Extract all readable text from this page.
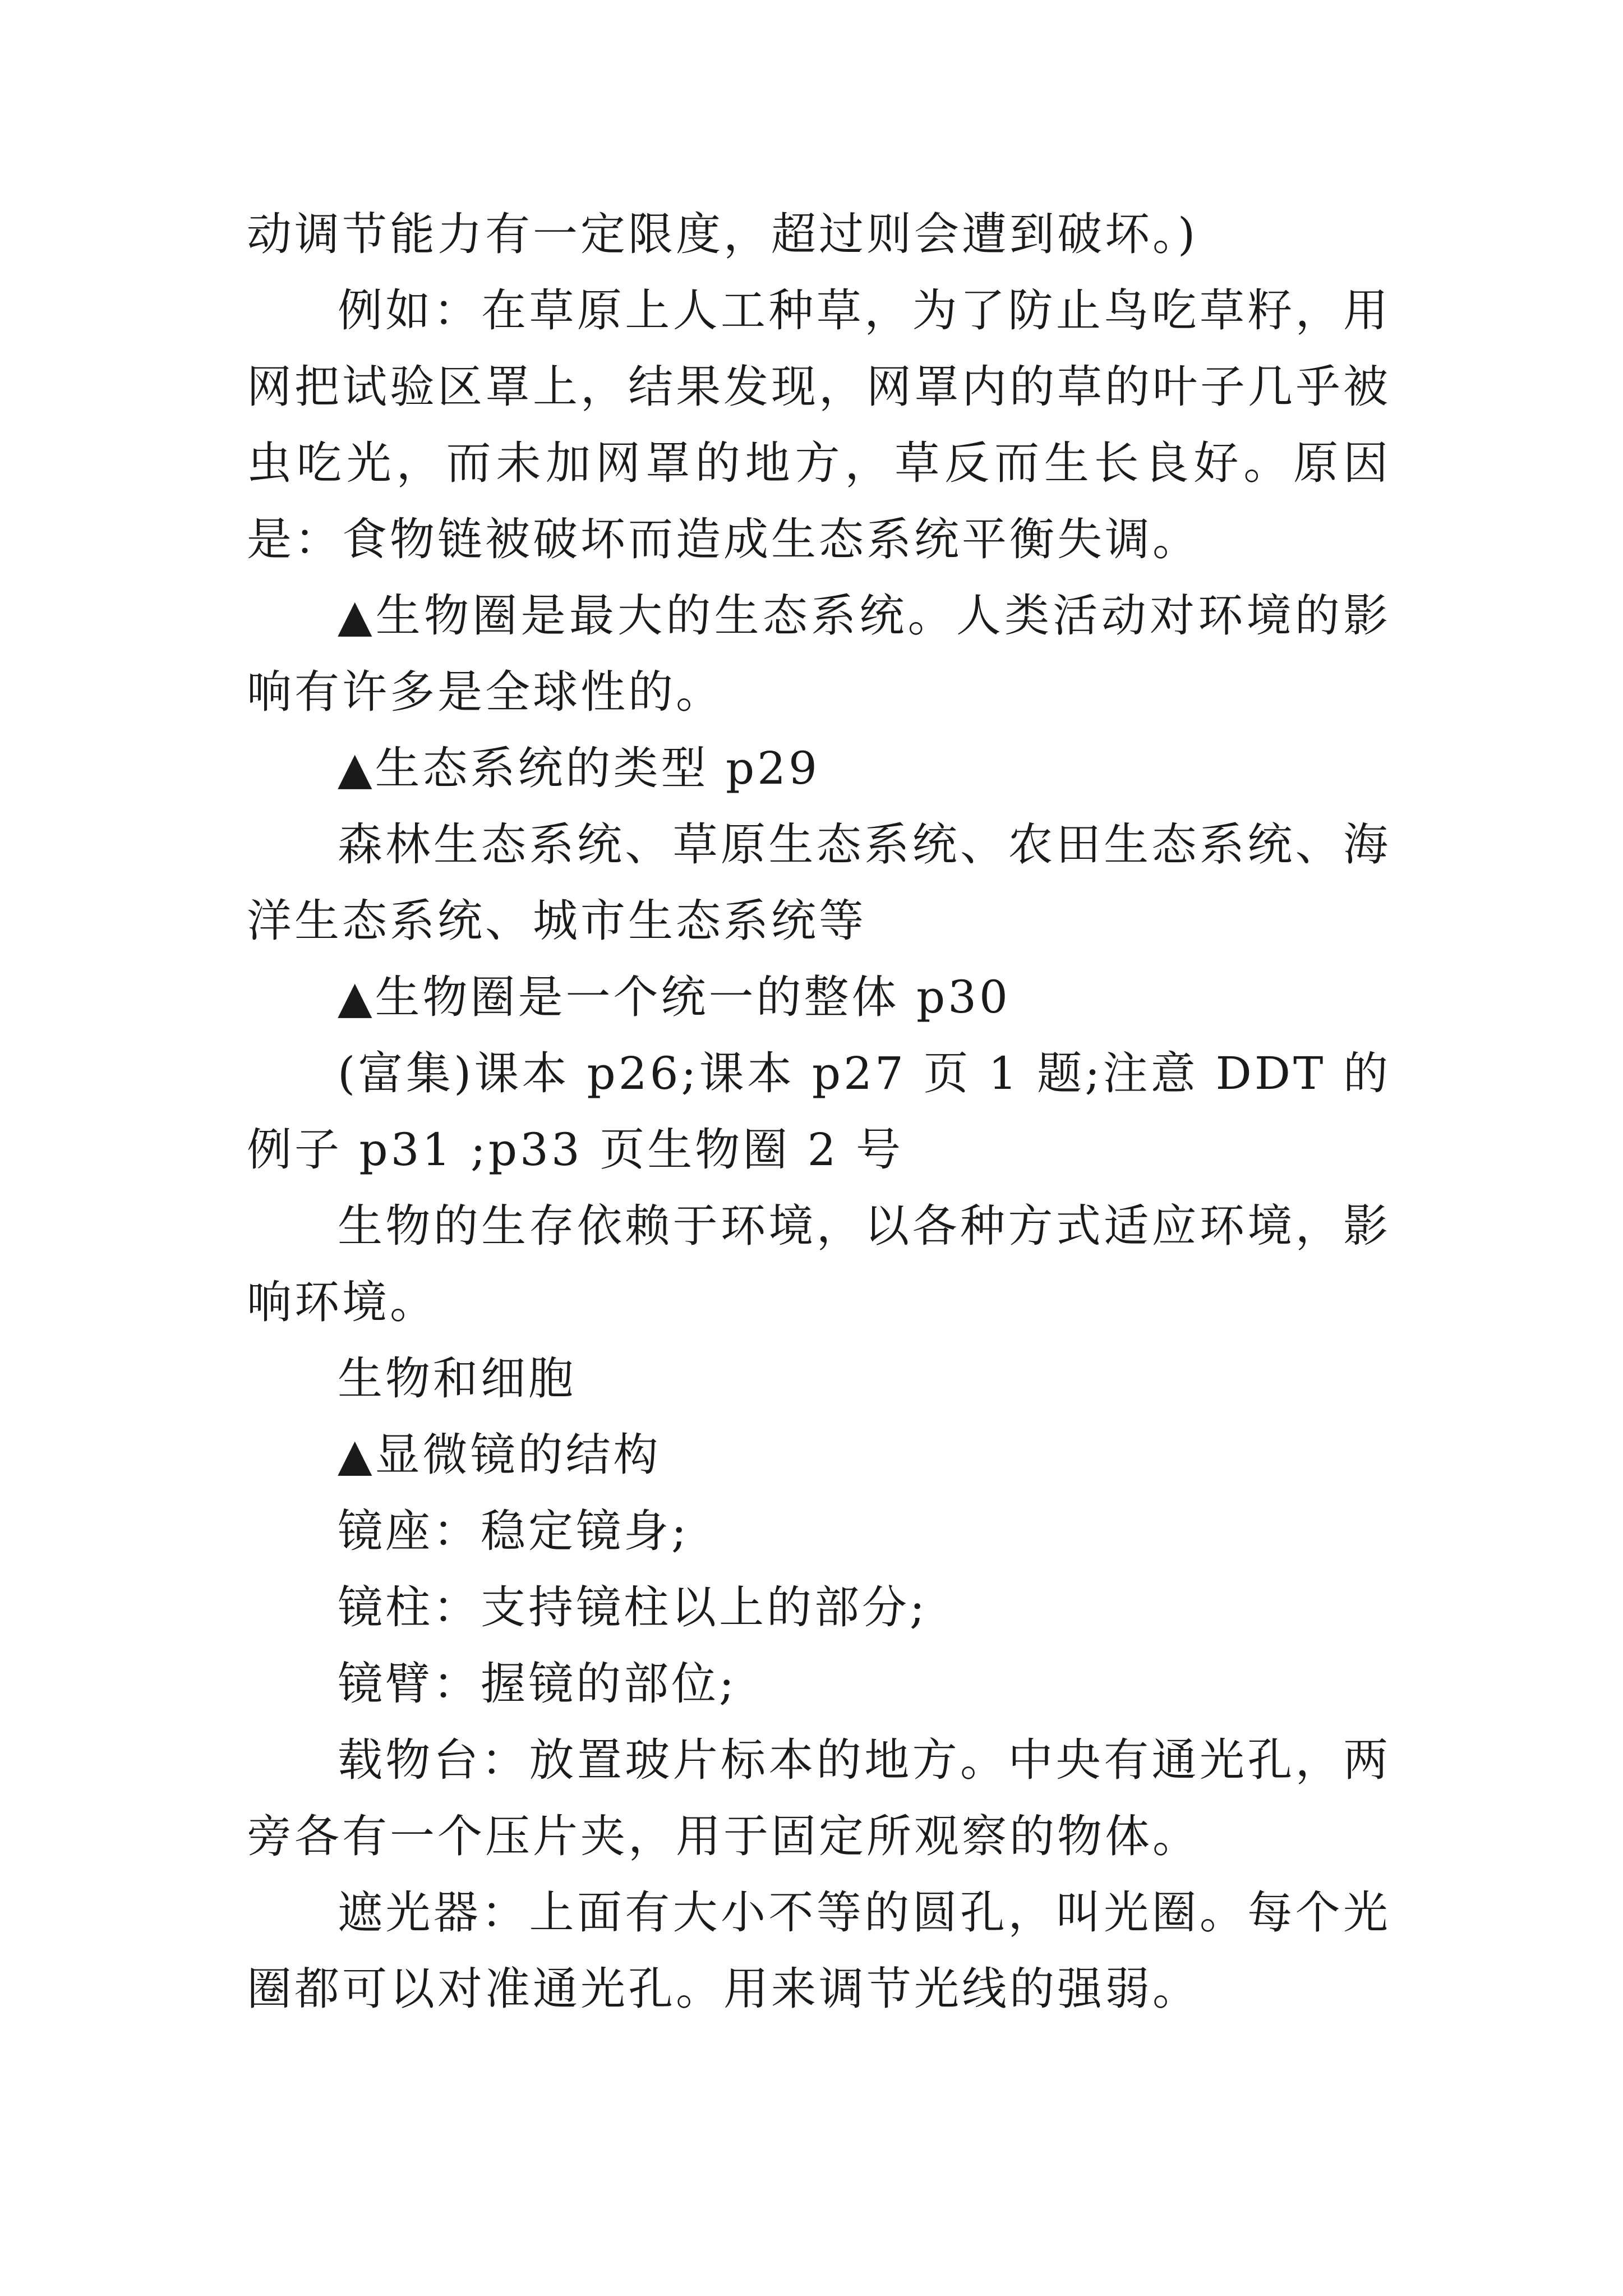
动调节能力有一定限度，超过则会遭到破坏。)

例如：在草原上人工种草，为了防止鸟吃草籽，用网把试验区罩上，结果发现，网罩内的草的叶子几乎被虫吃光，而未加网罩的地方，草反而生长良好。原因是：食物链被破坏而造成生态系统平衡失调。

▲生物圈是最大的生态系统。人类活动对环境的影响有许多是全球性的。

▲生态系统的类型 p29

森林生态系统、草原生态系统、农田生态系统、海洋生态系统、城市生态系统等

▲生物圈是一个统一的整体 p30

(富集)课本 p26;课本 p27 页 1 题;注意 DDT 的例子 p31 ;p33 页生物圈 2 号

生物的生存依赖于环境，以各种方式适应环境，影响环境。

生物和细胞

▲显微镜的结构

镜座：稳定镜身;

镜柱：支持镜柱以上的部分;

镜臂：握镜的部位;

载物台：放置玻片标本的地方。中央有通光孔，两旁各有一个压片夹，用于固定所观察的物体。

遮光器：上面有大小不等的圆孔，叫光圈。每个光圈都可以对准通光孔。用来调节光线的强弱。
